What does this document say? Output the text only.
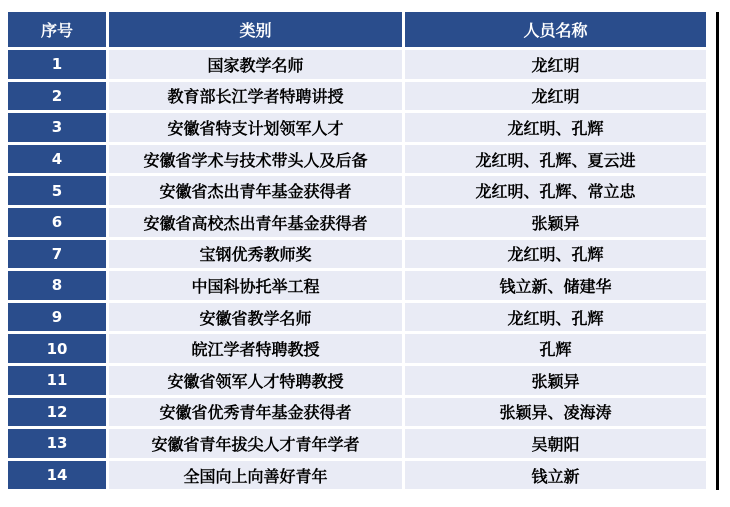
序号	类别	人员名称
1	国家教学名师	龙红明
2	教育部长江学者特聘讲授	龙红明
3	安徽省特支计划领军人才	龙红明、孔辉
4	安徽省学术与技术带头人及后备	龙红明、孔辉、夏云进
5	安徽省杰出青年基金获得者	龙红明、孔辉、常立忠
6	安徽省高校杰出青年基金获得者	张颖异
7	宝钢优秀教师奖	龙红明、孔辉
8	中国科协托举工程	钱立新、储建华
9	安徽省教学名师	龙红明、孔辉
10	皖江学者特聘教授	孔辉
11	安徽省领军人才特聘教授	张颖异
12	安徽省优秀青年基金获得者	张颖异、凌海涛
13	安徽省青年拔尖人才青年学者	吴朝阳
14	全国向上向善好青年	钱立新
